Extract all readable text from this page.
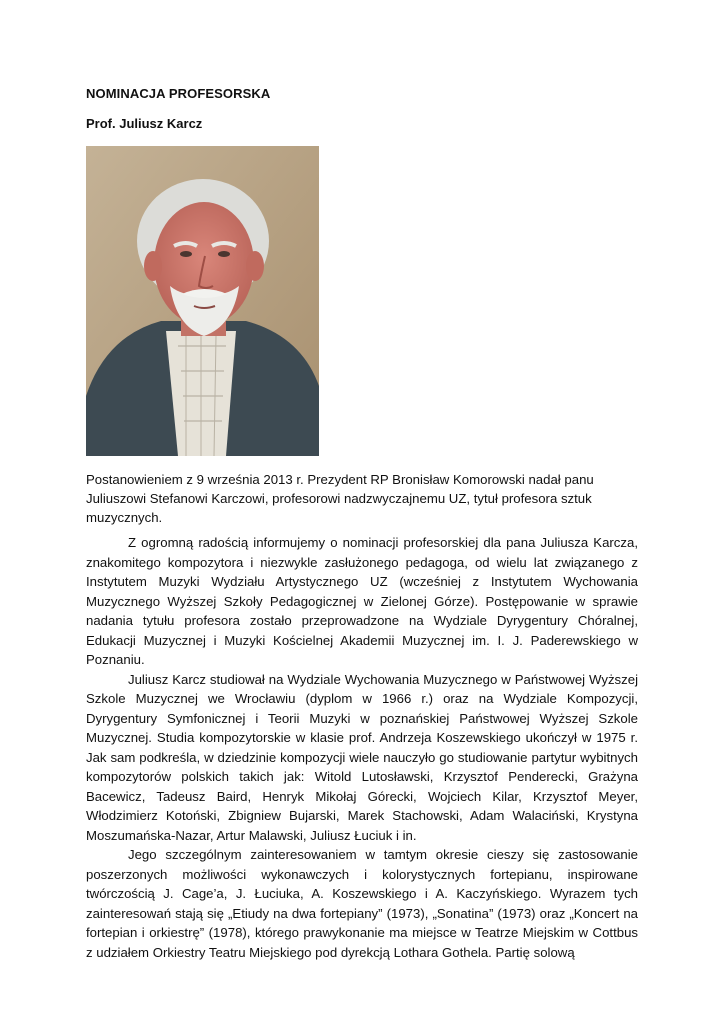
NOMINACJA PROFESORSKA
Prof. Juliusz Karcz

Postanowieniem z 9 września 2013 r. Prezydent RP Bronisław Komorowski nadał panu Juliuszowi Stefanowi Karczowi, profesorowi nadzwyczajnemu UZ, tytuł profesora sztuk muzycznych.

Z ogromną radością informujemy o nominacji profesorskiej dla pana Juliusza Karcza, znakomitego kompozytora i niezwykle zasłużonego pedagoga, od wielu lat związanego z Instytutem Muzyki Wydziału Artystycznego UZ (wcześniej z Instytutem Wychowania Muzycznego Wyższej Szkoły Pedagogicznej w Zielonej Górze). Postępowanie w sprawie nadania tytułu profesora zostało przeprowadzone na Wydziale Dyrygentury Chóralnej, Edukacji Muzycznej i Muzyki Kościelnej Akademii Muzycznej im. I. J. Paderewskiego w Poznaniu.

Juliusz Karcz studiował na Wydziale Wychowania Muzycznego w Państwowej Wyższej Szkole Muzycznej we Wrocławiu (dyplom w 1966 r.) oraz na Wydziale Kompozycji, Dyrygentury Symfonicznej i Teorii Muzyki w poznańskiej Państwowej Wyższej Szkole Muzycznej. Studia kompozytorskie w klasie prof. Andrzeja Koszewskiego ukończył w 1975 r. Jak sam podkreśla, w dziedzinie kompozycji wiele nauczyło go studiowanie partytur wybitnych kompozytorów polskich takich jak: Witold Lutosławski, Krzysztof Penderecki, Grażyna Bacewicz, Tadeusz Baird, Henryk Mikołaj Górecki, Wojciech Kilar, Krzysztof Meyer, Włodzimierz Kotoński, Zbigniew Bujarski, Marek Stachowski, Adam Walaciński, Krystyna Moszumańska-Nazar, Artur Malawski, Juliusz Łuciuk i in.

Jego szczególnym zainteresowaniem w tamtym okresie cieszy się zastosowanie poszerzonych możliwości wykonawczych i kolorystycznych fortepianu, inspirowane twórczością J. Cage’a, J. Łuciuka, A. Koszewskiego i A. Kaczyńskiego. Wyrazem tych zainteresowań stają się „Etiudy na dwa fortepiany” (1973), „Sonatina” (1973) oraz „Koncert na fortepian i orkiestrę” (1978), którego prawykonanie ma miejsce w Teatrze Miejskim w Cottbus z udziałem Orkiestry Teatru Miejskiego pod dyrekcją Lothara Gothela. Partię solową
